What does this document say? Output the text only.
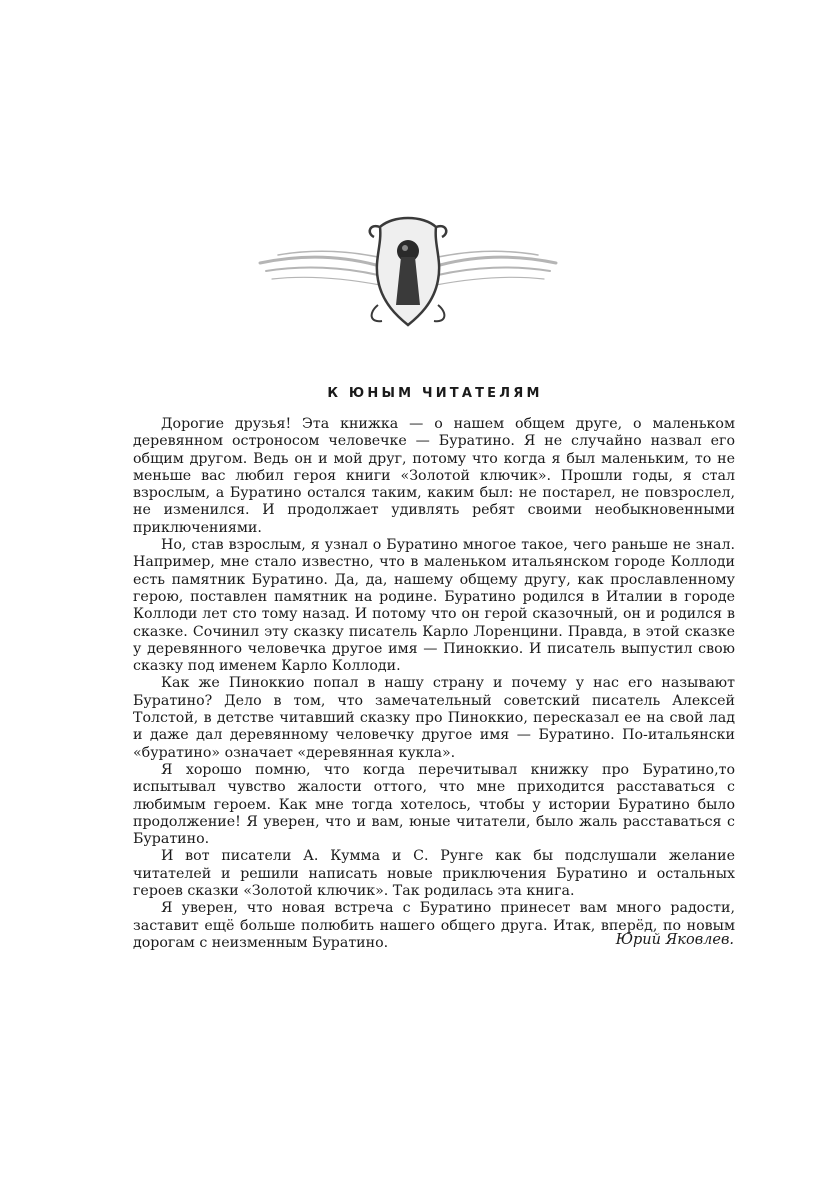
К ЮНЫМ ЧИТАТЕЛЯМ

Дорогие друзья! Эта книжка — о нашем общем друге, о маленьком деревянном остроносом человечке — Буратино. Я не случайно назвал его общим другом. Ведь он и мой друг, потому что когда я был маленьким, то не меньше вас любил героя книги «Золотой ключик». Прошли годы, я стал взрослым, а Буратино остался таким, каким был: не постарел, не повзрослел, не изменился. И продолжает удивлять ребят своими необыкновенными приключениями.

Но, став взрослым, я узнал о Буратино многое такое, чего раньше не знал. Например, мне стало известно, что в маленьком итальянском городе Коллоди есть памятник Буратино. Да, да, нашему общему другу, как прославленному герою, поставлен памятник на родине. Буратино родился в Италии в городе Коллоди лет сто тому назад. И потому что он герой сказочный, он и родился в сказке. Сочинил эту сказку писатель Карло Лоренцини. Правда, в этой сказке у деревянного человечка другое имя — Пиноккио. И писатель выпустил свою сказку под именем Карло Коллоди.

Как же Пиноккио попал в нашу страну и почему у нас его называют Буратино? Дело в том, что замечательный советский писатель Алексей Толстой, в детстве читавший сказку про Пиноккио, пересказал ее на свой лад и даже дал деревянному человечку другое имя — Буратино. По-итальянски «буратино» означает «деревянная кукла».

Я хорошо помню, что когда перечитывал книжку про Буратино,то испытывал чувство жалости оттого, что мне приходится расставаться с любимым героем. Как мне тогда хотелось, чтобы у истории Буратино было продолжение! Я уверен, что и вам, юные читатели, было жаль расставаться с Буратино.

И вот писатели А. Кумма и С. Рунге как бы подслушали желание читателей и решили написать новые приключения Буратино и остальных героев сказки «Золотой ключик». Так родилась эта книга.

Я уверен, что новая встреча с Буратино принесет вам много радости, заставит ещё больше полюбить нашего общего друга. Итак, вперёд, по новым дорогам с неизменным Буратино.	Юрий Яковлев.
